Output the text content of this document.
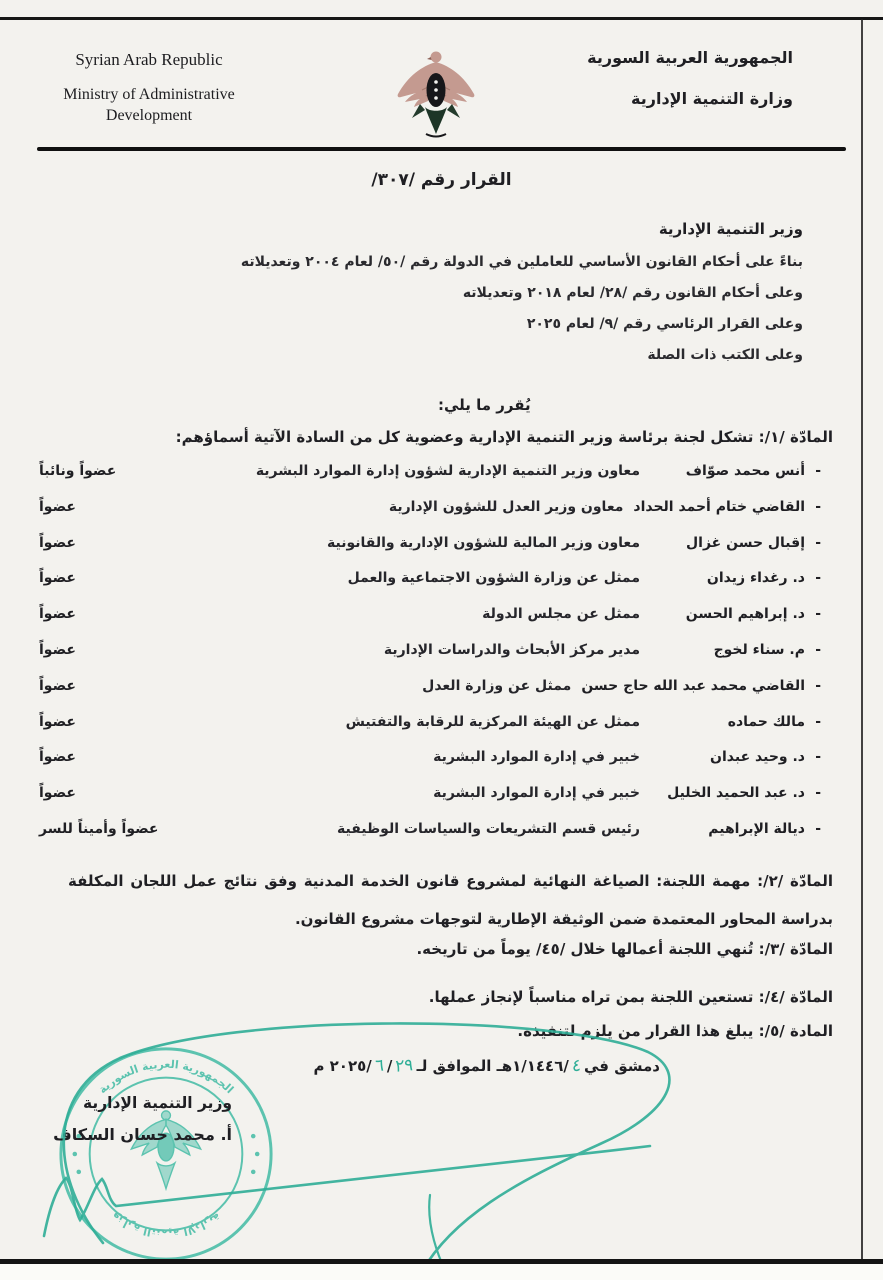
Syrian Arab Republic
Ministry of Administrative
Development
الجمهورية العربية السورية
وزارة التنمية الإدارية
القرار رقم /٣٠٧/
وزير التنمية الإدارية
بناءً على أحكام القانون الأساسي للعاملين في الدولة رقم /٥٠/ لعام ٢٠٠٤ وتعديلاته
وعلى أحكام القانون رقم /٢٨/ لعام ٢٠١٨ وتعديلاته
وعلى القرار الرئاسي رقم /٩/ لعام ٢٠٢٥
وعلى الكتب ذات الصلة
يُقرر ما يلي:
المادّة /١/: تشكل لجنة برئاسة وزير التنمية الإدارية وعضوية كل من السادة الآتية أسماؤهم:
-
أنس محمد صوّاف
معاون وزير التنمية الإدارية لشؤون إدارة الموارد البشرية
عضواً ونائباً
-
القاضي ختام أحمد الحداد
معاون وزير العدل للشؤون الإدارية
عضواً
-
إقبال حسن غزال
معاون وزير المالية للشؤون الإدارية والقانونية
عضواً
-
د. رغداء زيدان
ممثل عن وزارة الشؤون الاجتماعية والعمل
عضواً
-
د. إبراهيم الحسن
ممثل عن مجلس الدولة
عضواً
-
م. سناء لخوج
مدير مركز الأبحاث والدراسات الإدارية
عضواً
-
القاضي محمد عبد الله حاج حسن
ممثل عن وزارة العدل
عضواً
-
مالك حماده
ممثل عن الهيئة المركزية للرقابة والتفتيش
عضواً
-
د. وحيد عبدان
خبير في إدارة الموارد البشرية
عضواً
-
د. عبد الحميد الخليل
خبير في إدارة الموارد البشرية
عضواً
-
ديالة الإبراهيم
رئيس قسم التشريعات والسياسات الوظيفية
عضواً وأميناً للسر
المادّة /٢/: مهمة اللجنة: الصياغة النهائية لمشروع قانون الخدمة المدنية وفق نتائج عمل اللجان المكلفة بدراسة المحاور المعتمدة ضمن الوثيقة الإطارية لتوجهات مشروع القانون.
المادّة /٣/: تُنهي اللجنة أعمالها خلال /٤٥/ يوماً من تاريخه.
المادّة /٤/: تستعين اللجنة بمن تراه مناسباً لإنجاز عملها.
المادة /٥/: يبلغ هذا القرار من يلزم لتنفيذه.
دمشق في
٤
/١/١٤٤٦هـ الموافق لـ
٢٩
/
٦
/٢٠٢٥ م
الجمهورية العربية السورية
وزارة التنمية الإدارية
وزير التنمية الإدارية
أ. محمد حسان السكاف
